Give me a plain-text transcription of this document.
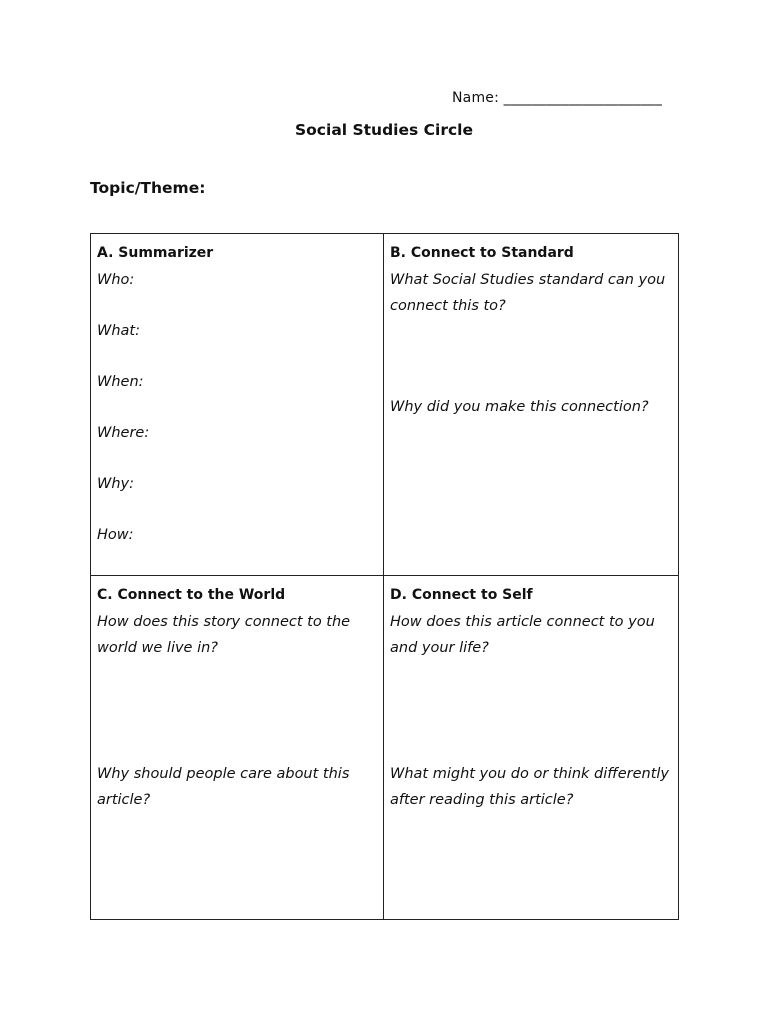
Name: ______________________
Social Studies Circle
Topic/Theme:
A. Summarizer

Who:

What:

When:

Where:

Why:

How:

B. Connect to Standard

What Social Studies standard can you connect this to?

Why did you make this connection?

C. Connect to the World

How does this story connect to the world we live in?

Why should people care about this article?

D. Connect to Self

How does this article connect to you and your life?

What might you do or think differently after reading this article?
